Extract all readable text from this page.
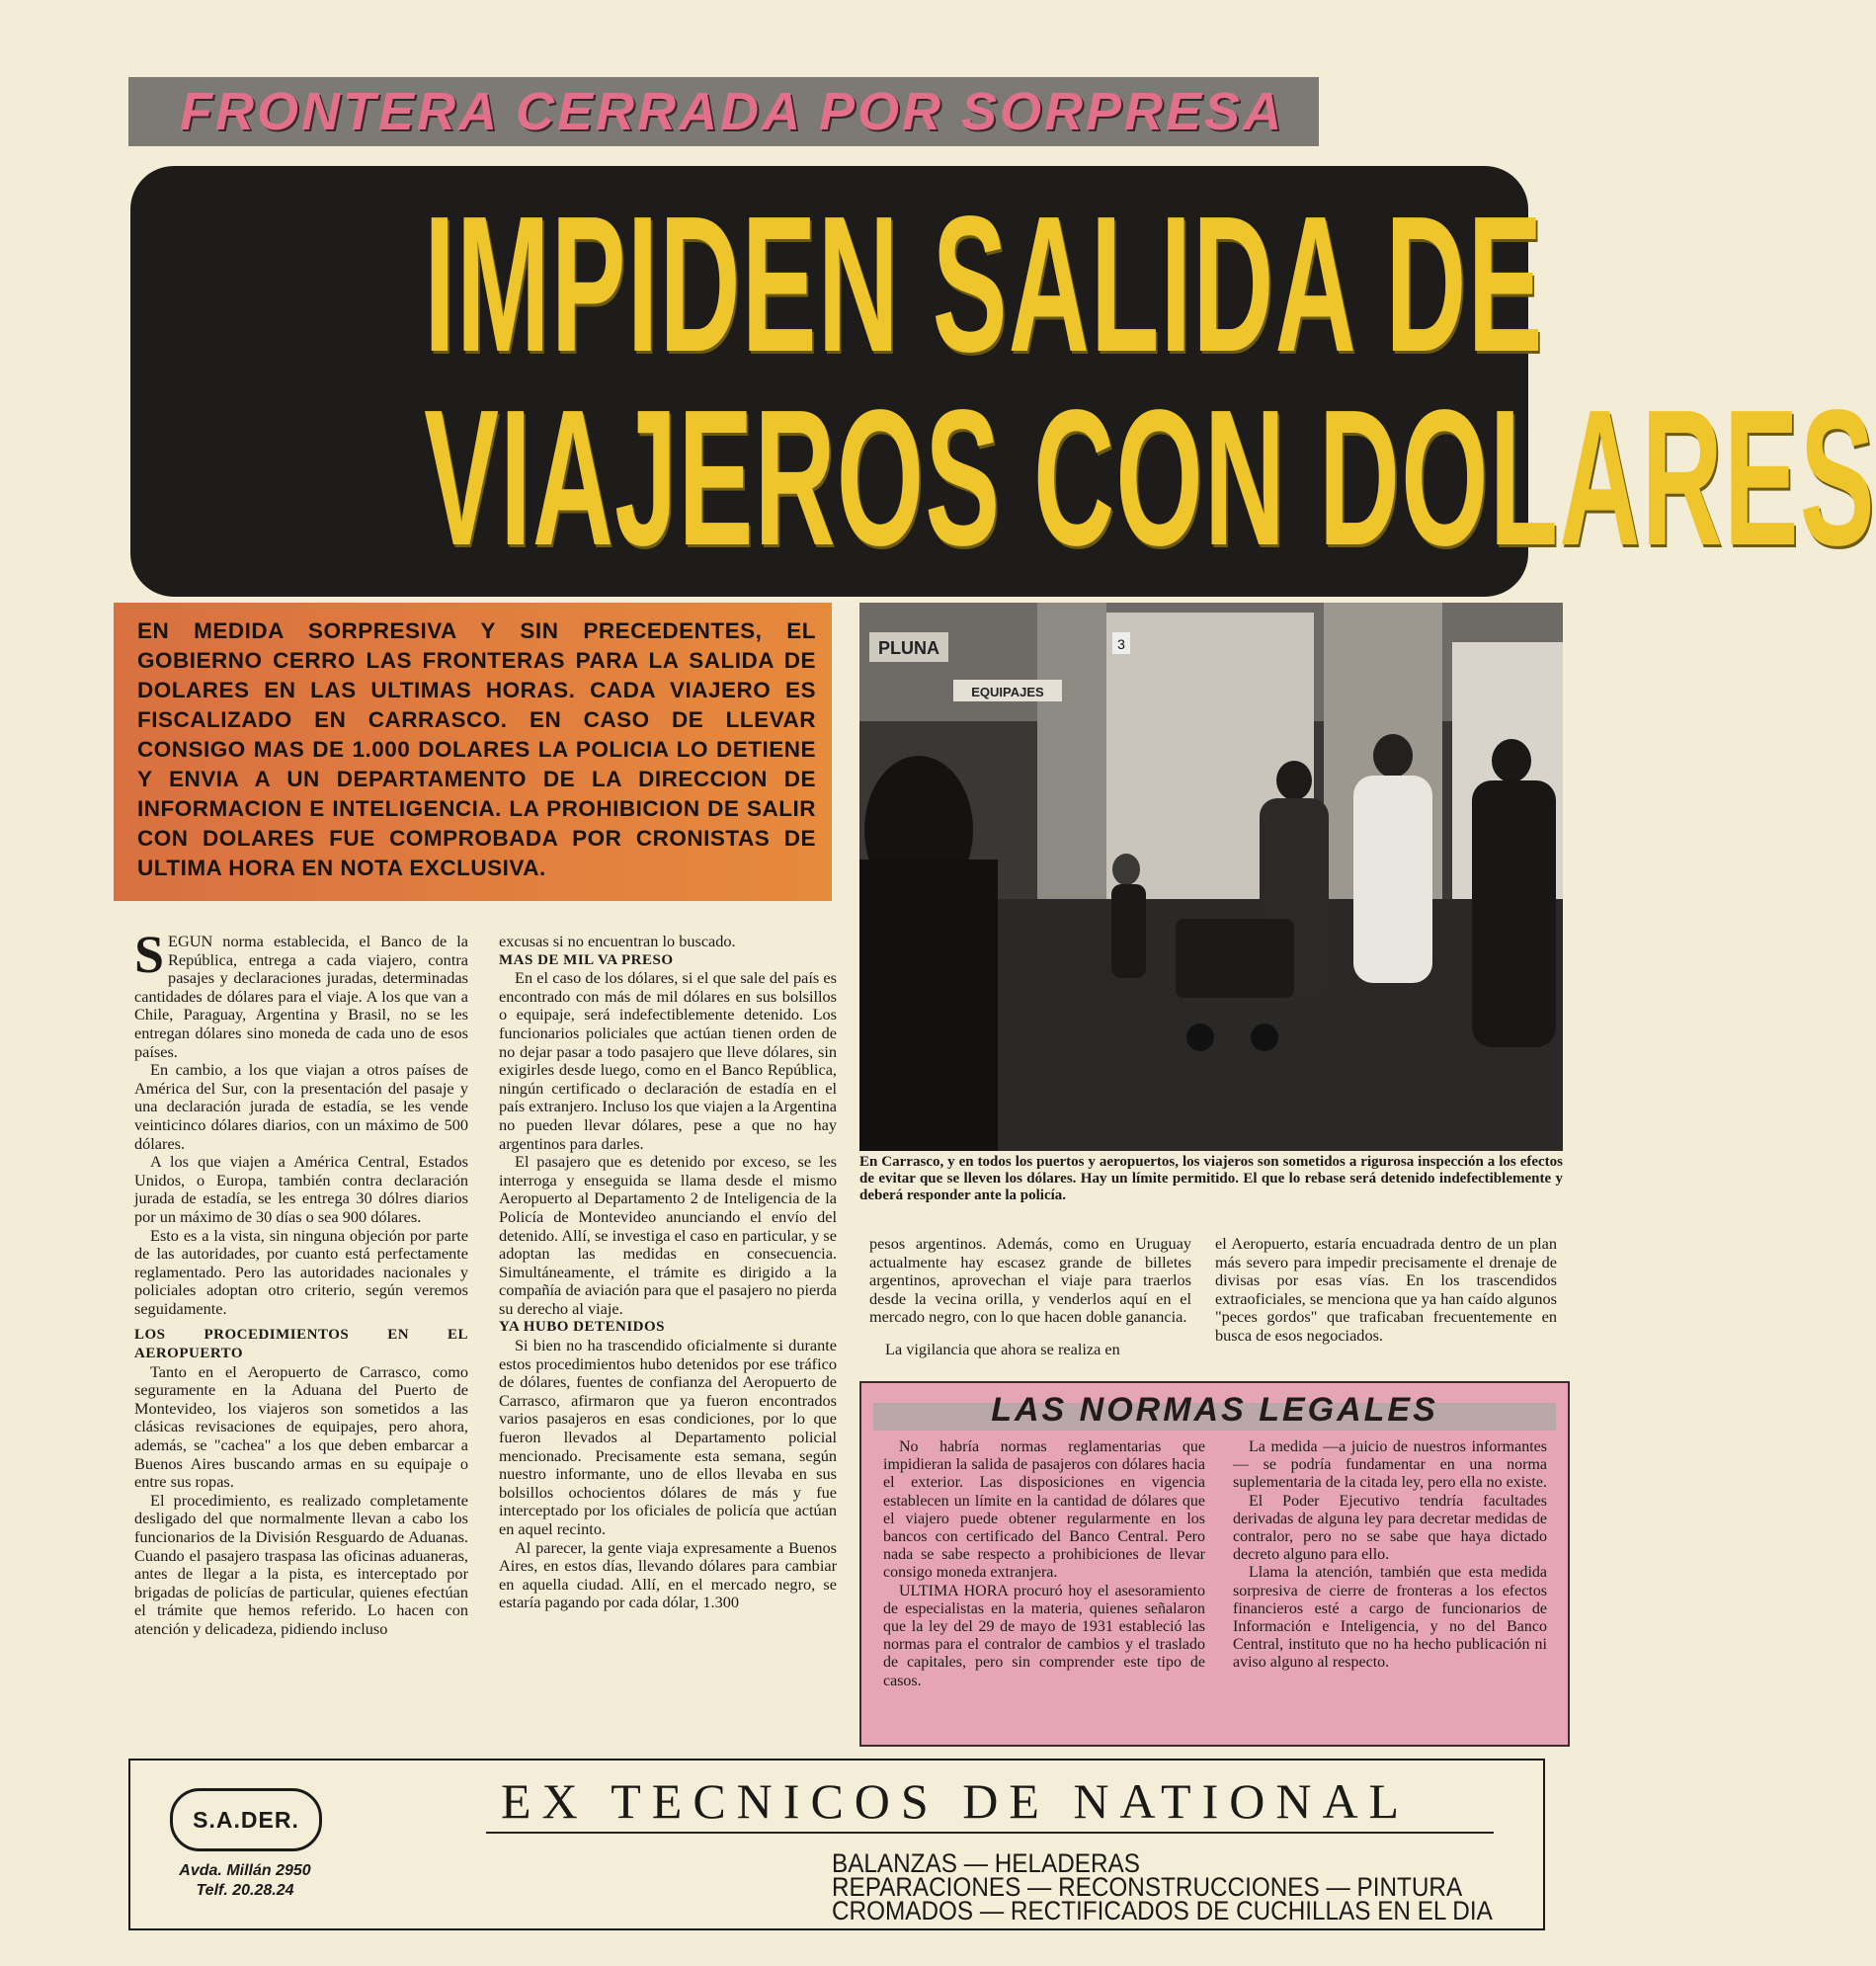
FRONTERA CERRADA POR SORPRESA
IMPIDEN SALIDA DE
VIAJEROS CON DOLARES

EN MEDIDA SORPRESIVA Y SIN PRECEDENTES, EL GOBIERNO CERRO LAS FRONTERAS PARA LA SALIDA DE DOLARES EN LAS ULTIMAS HORAS. CADA VIAJERO ES FISCALIZADO EN CARRASCO. EN CASO DE LLEVAR CONSIGO MAS DE 1.000 DOLARES LA POLICIA LO DETIENE Y ENVIA A UN DEPARTAMENTO DE LA DIRECCION DE INFORMACION E INTELIGENCIA. LA PROHIBICION DE SALIR CON DOLARES FUE COMPROBADA POR CRONISTAS DE ULTIMA HORA EN NOTA EXCLUSIVA.

PLUNA
EQUIPAJES
3
En Carrasco, y en todos los puertos y aeropuertos, los viajeros son sometidos a rigurosa inspección a los efectos de evitar que se lleven los dólares. Hay un límite permitido. El que lo rebase será detenido indefectiblemente y deberá responder ante la policía.

SEGUN norma establecida, el Banco de la República, entrega a cada viajero, contra pasajes y declaraciones juradas, determinadas cantidades de dólares para el viaje. A los que van a Chile, Paraguay, Argentina y Brasil, no se les entregan dólares sino moneda de cada uno de esos países.

En cambio, a los que viajan a otros países de América del Sur, con la presentación del pasaje y una declaración jurada de estadía, se les vende veinticinco dólares diarios, con un máximo de 500 dólares.

A los que viajen a América Central, Estados Unidos, o Europa, también contra declaración jurada de estadía, se les entrega 30 dólres diarios por un máximo de 30 días o sea 900 dólares.

Esto es a la vista, sin ninguna objeción por parte de las autoridades, por cuanto está perfectamente reglamentado. Pero las autoridades nacionales y policiales adoptan otro criterio, según veremos seguidamente.

LOS PROCEDIMIENTOS EN EL AEROPUERTO

Tanto en el Aeropuerto de Carrasco, como seguramente en la Aduana del Puerto de Montevideo, los viajeros son sometidos a las clásicas revisaciones de equipajes, pero ahora, además, se "cachea" a los que deben embarcar a Buenos Aires buscando armas en su equipaje o entre sus ropas.

El procedimiento, es realizado completamente desligado del que normalmente llevan a cabo los funcionarios de la División Resguardo de Aduanas. Cuando el pasajero traspasa las oficinas aduaneras, antes de llegar a la pista, es interceptado por brigadas de policías de particular, quienes efectúan el trámite que hemos referido. Lo hacen con atención y delicadeza, pidiendo incluso

excusas si no encuentran lo buscado.

MAS DE MIL VA PRESO

En el caso de los dólares, si el que sale del país es encontrado con más de mil dólares en sus bolsillos o equipaje, será indefectiblemente detenido. Los funcionarios policiales que actúan tienen orden de no dejar pasar a todo pasajero que lleve dólares, sin exigirles desde luego, como en el Banco República, ningún certificado o declaración de estadía en el país extranjero. Incluso los que viajen a la Argentina no pueden llevar dólares, pese a que no hay argentinos para darles.

El pasajero que es detenido por exceso, se les interroga y enseguida se llama desde el mismo Aeropuerto al Departamento 2 de Inteligencia de la Policía de Montevideo anunciando el envío del detenido. Allí, se investiga el caso en particular, y se adoptan las medidas en consecuencia. Simultáneamente, el trámite es dirigido a la compañía de aviación para que el pasajero no pierda su derecho al viaje.

YA HUBO DETENIDOS

Si bien no ha trascendido oficialmente si durante estos procedimientos hubo detenidos por ese tráfico de dólares, fuentes de confianza del Aeropuerto de Carrasco, afirmaron que ya fueron encontrados varios pasajeros en esas condiciones, por lo que fueron llevados al Departamento policial mencionado. Precisamente esta semana, según nuestro informante, uno de ellos llevaba en sus bolsillos ochocientos dólares de más y fue interceptado por los oficiales de policía que actúan en aquel recinto.

Al parecer, la gente viaja expresamente a Buenos Aires, en estos días, llevando dólares para cambiar en aquella ciudad. Allí, en el mercado negro, se estaría pagando por cada dólar, 1.300

pesos argentinos. Además, como en Uruguay actualmente hay escasez grande de billetes argentinos, aprovechan el viaje para traerlos desde la vecina orilla, y venderlos aquí en el mercado negro, con lo que hacen doble ganancia.

La vigilancia que ahora se realiza en

el Aeropuerto, estaría encuadrada dentro de un plan más severo para impedir precisamente el drenaje de divisas por esas vías. En los trascendidos extraoficiales, se menciona que ya han caído algunos "peces gordos" que traficaban frecuentemente en busca de esos negociados.

LAS NORMAS LEGALES

No habría normas reglamentarias que impidieran la salida de pasajeros con dólares hacia el exterior. Las disposiciones en vigencia establecen un límite en la cantidad de dólares que el viajero puede obtener regularmente en los bancos con certificado del Banco Central. Pero nada se sabe respecto a prohibiciones de llevar consigo moneda extranjera.

ULTIMA HORA procuró hoy el asesoramiento de especialistas en la materia, quienes señalaron que la ley del 29 de mayo de 1931 estableció las normas para el contralor de cambios y el traslado de capitales, pero sin comprender este tipo de casos.

La medida —a juicio de nuestros informantes— se podría fundamentar en una norma suplementaria de la citada ley, pero ella no existe.

El Poder Ejecutivo tendría facultades derivadas de alguna ley para decretar medidas de contralor, pero no se sabe que haya dictado decreto alguno para ello.

Llama la atención, también que esta medida sorpresiva de cierre de fronteras a los efectos financieros esté a cargo de funcionarios de Información e Inteligencia, y no del Banco Central, instituto que no ha hecho publicación ni aviso alguno al respecto.

S.A.DER.
Avda. Millán 2950
Telf. 20.28.24
EX TECNICOS DE NATIONAL
BALANZAS — HELADERAS
REPARACIONES — RECONSTRUCCIONES — PINTURA
CROMADOS — RECTIFICADOS DE CUCHILLAS EN EL DIA
